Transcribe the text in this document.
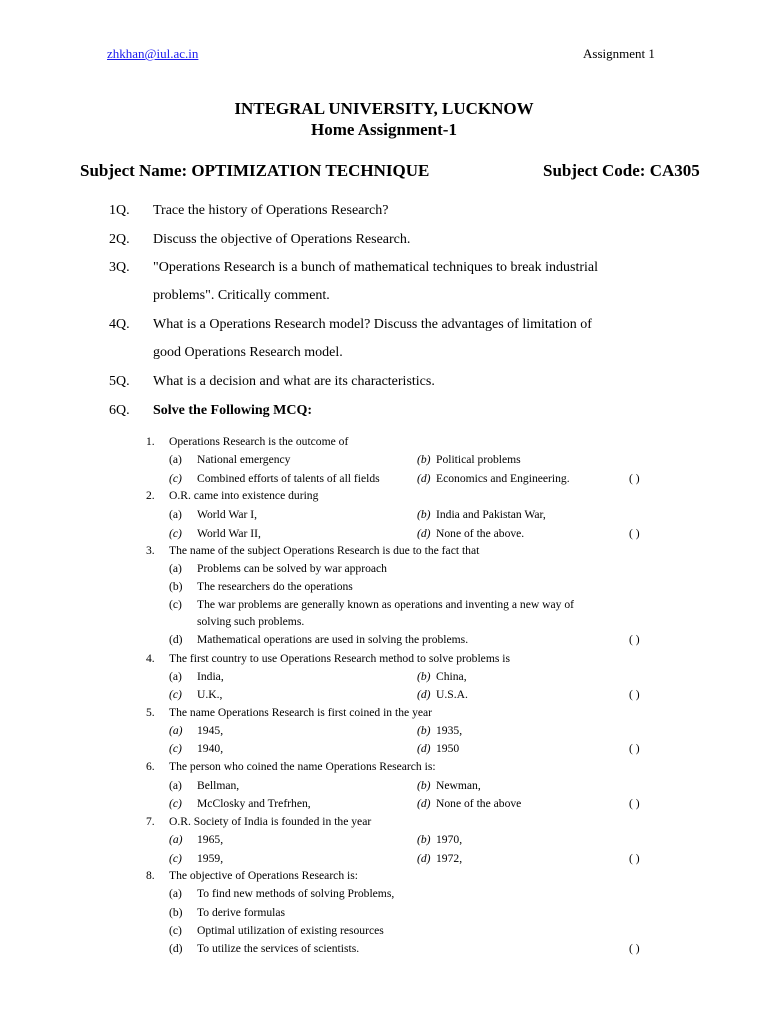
zhkhan@iul.ac.in	Assignment 1
INTEGRAL UNIVERSITY, LUCKNOW
Home Assignment-1
Subject Name: OPTIMIZATION TECHNIQUE	Subject Code: CA305
1Q. Trace the history of Operations Research?
2Q. Discuss the objective of Operations Research.
3Q. "Operations Research is a bunch of mathematical techniques to break industrial
problems". Critically comment.
4Q. What is a Operations Research model? Discuss the advantages of limitation of
good Operations Research model.
5Q. What is a decision and what are its characteristics.
6Q. Solve the Following MCQ:
1. Operations Research is the outcome of
(a) National emergency	(b) Political problems
(c) Combined efforts of talents of all fields	(d) Economics and Engineering.	( )
2. O.R. came into existence during
(a) World War I,	(b) India and Pakistan War,
(c) World War II,	(d) None of the above.	( )
3. The name of the subject Operations Research is due to the fact that
(a) Problems can be solved by war approach
(b) The researchers do the operations
(c) The war problems are generally known as operations and inventing a new way of
solving such problems.
(d) Mathematical operations are used in solving the problems.	( )
4. The first country to use Operations Research method to solve problems is
(a) India,	(b) China,
(c) U.K.,	(d) U.S.A.	( )
5. The name Operations Research is first coined in the year
(a) 1945,	(b) 1935,
(c) 1940,	(d) 1950	( )
6. The person who coined the name Operations Research is:
(a) Bellman,	(b) Newman,
(c) McClosky and Trefrhen,	(d) None of the above	( )
7. O.R. Society of India is founded in the year
(a) 1965,	(b) 1970,
(c) 1959,	(d) 1972,	( )
8. The objective of Operations Research is:
(a) To find new methods of solving Problems,
(b) To derive formulas
(c) Optimal utilization of existing resources
(d) To utilize the services of scientists.	( )
